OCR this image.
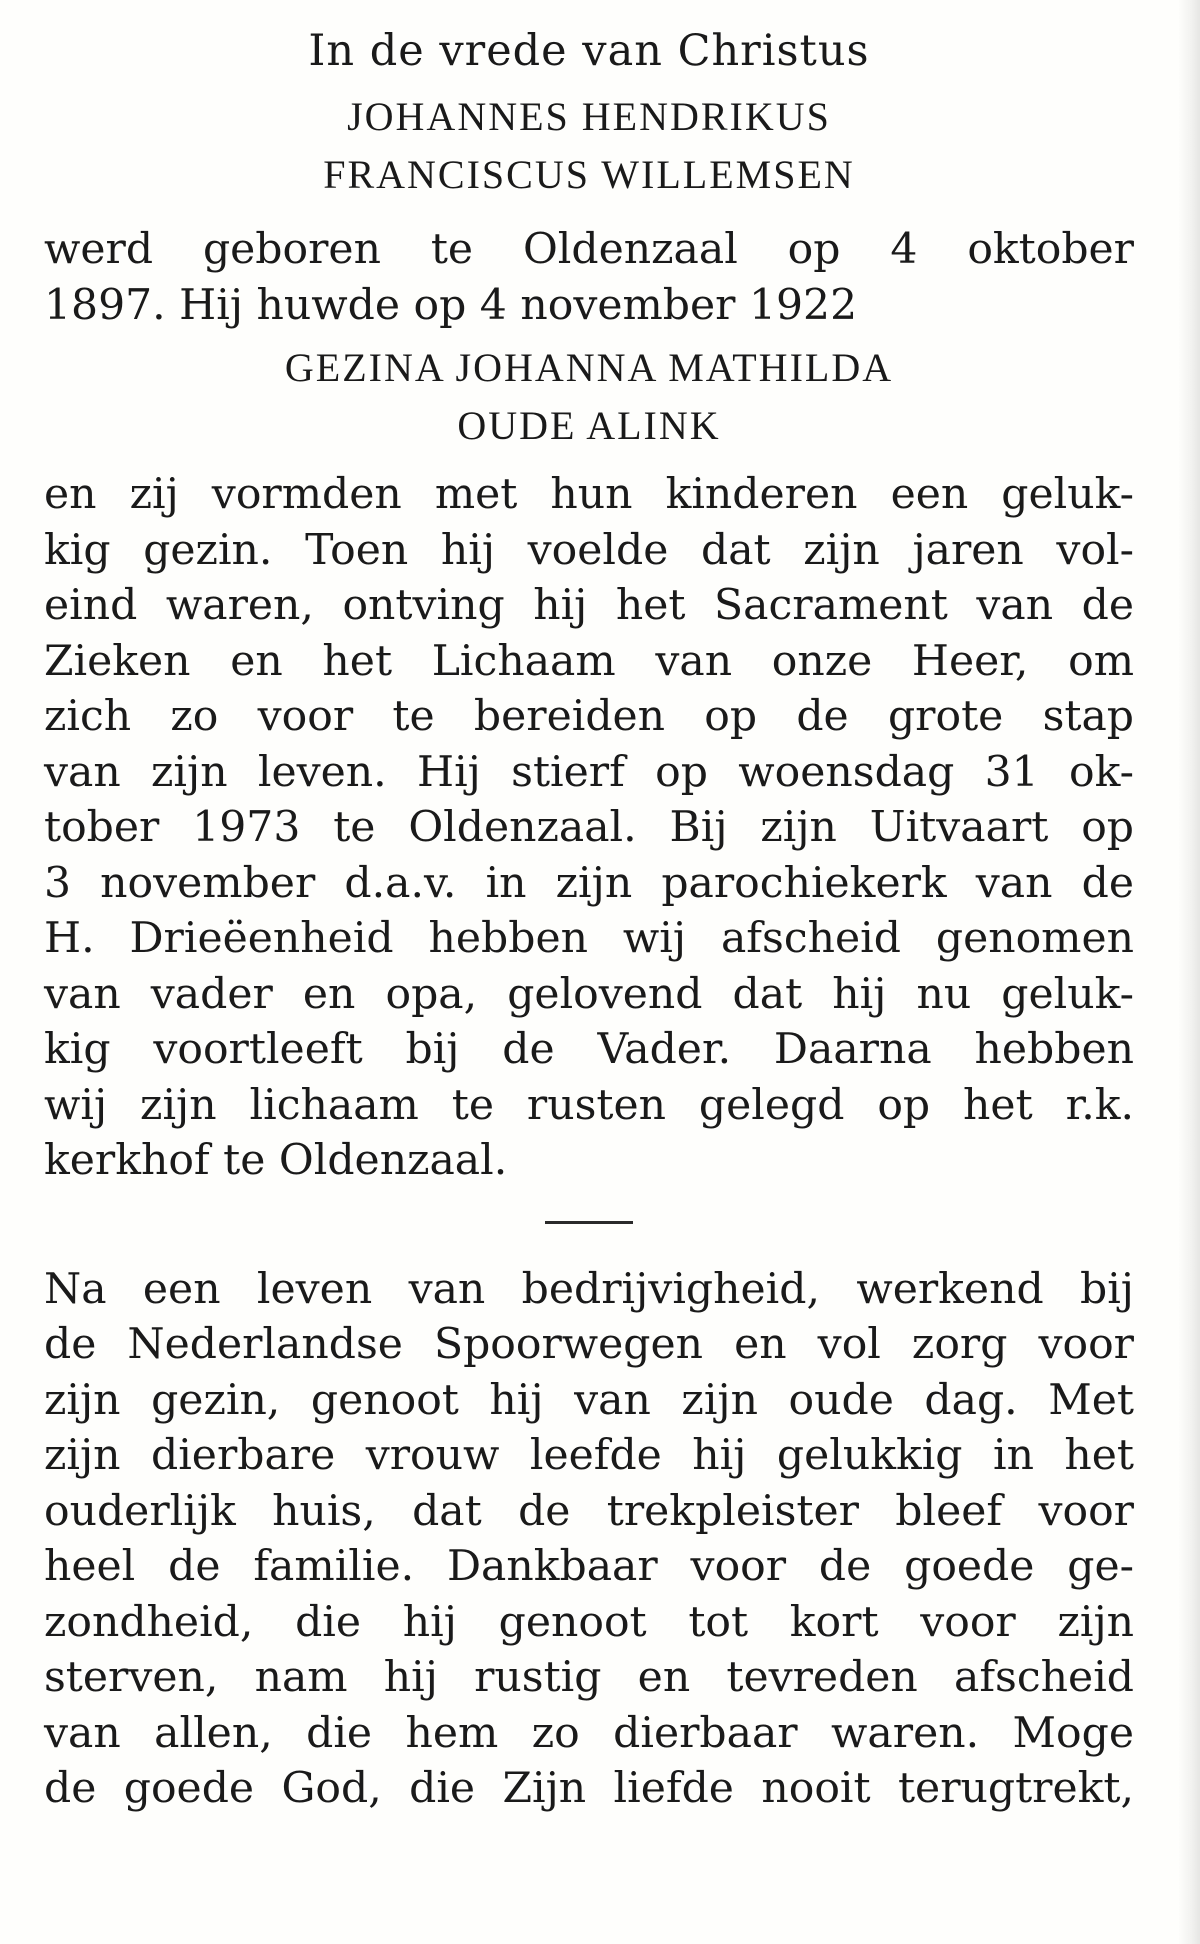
In de vrede van Christus

JOHANNES HENDRIKUS

FRANCISCUS WILLEMSEN

werd geboren te Oldenzaal op 4 oktober
1897. Hij huwde op 4 november 1922

GEZINA JOHANNA MATHILDA

OUDE ALINK

en zij vormden met hun kinderen een geluk-
kig gezin. Toen hij voelde dat zijn jaren vol-
eind waren, ontving hij het Sacrament van de
Zieken en het Lichaam van onze Heer, om
zich zo voor te bereiden op de grote stap
van zijn leven. Hij stierf op woensdag 31 ok-
tober 1973 te Oldenzaal. Bij zijn Uitvaart op
3 november d.a.v. in zijn parochiekerk van de
H. Drieëenheid hebben wij afscheid genomen
van vader en opa, gelovend dat hij nu geluk-
kig voortleeft bij de Vader. Daarna hebben
wij zijn lichaam te rusten gelegd op het r.k.
kerkhof te Oldenzaal.
Na een leven van bedrijvigheid, werkend bij
de Nederlandse Spoorwegen en vol zorg voor
zijn gezin, genoot hij van zijn oude dag. Met
zijn dierbare vrouw leefde hij gelukkig in het
ouderlijk huis, dat de trekpleister bleef voor
heel de familie. Dankbaar voor de goede ge-
zondheid, die hij genoot tot kort voor zijn
sterven, nam hij rustig en tevreden afscheid
van allen, die hem zo dierbaar waren. Moge
de goede God, die Zijn liefde nooit terugtrekt,
